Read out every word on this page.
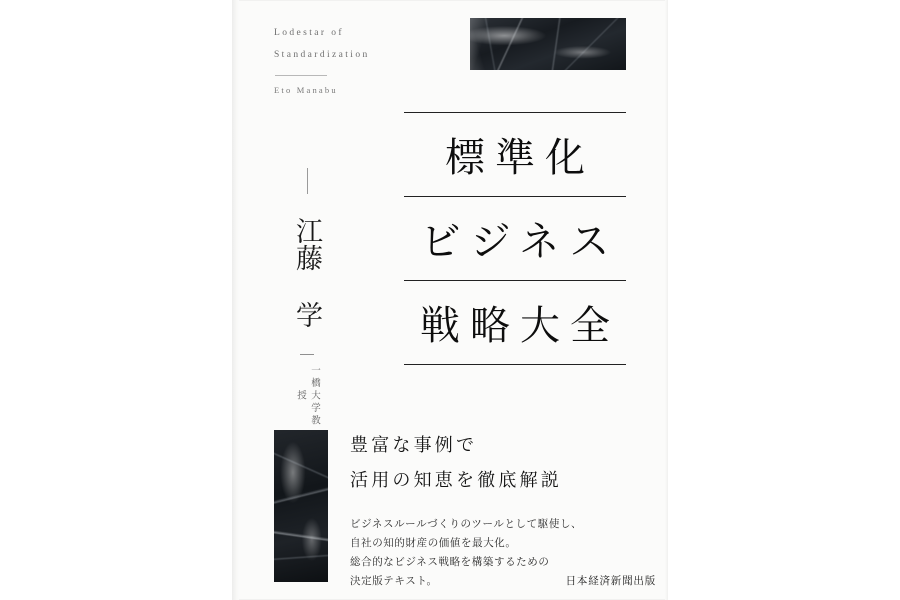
Lodestar of
Standardization
Eto Manabu
江藤 学
一橋大学教授
標準化
ビジネス
戦略大全
豊富な事例で
活用の知恵を徹底解説
ビジネスルールづくりのツールとして駆使し、
自社の知的財産の価値を最大化。
総合的なビジネス戦略を構築するための
決定版テキスト。	日本経済新聞出版
